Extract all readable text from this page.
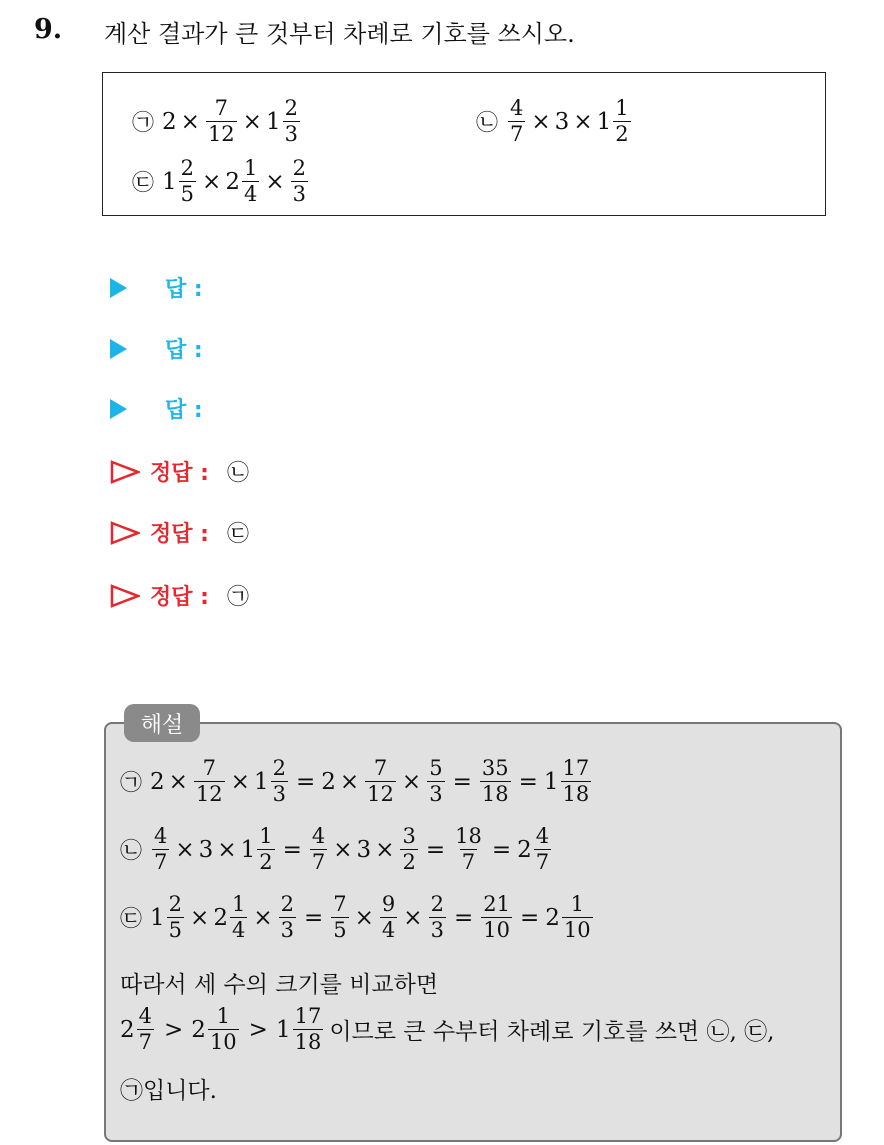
9. 계산 결과가 큰 것부터 차례로 기호를 쓰시오.
㉠ $2 \times \frac{7}{12} \times 1 \frac{2}{3}$	㉡ $\frac{4}{7} \times 3 \times 1 \frac{1}{2}$
㉢ $1 \frac{2}{5} \times 2 \frac{1}{4} \times \frac{2}{3}$
답 :
답 :
답 :
정답 : ㉡
정답 : ㉢
정답 : ㉠
해설
㉠ $2 \times \frac{7}{12} \times 1 \frac{2}{3} = 2 \times \frac{7}{12} \times \frac{5}{3} = \frac{35}{18} = 1 \frac{17}{18}$
㉡ $\frac{4}{7} \times 3 \times 1 \frac{1}{2} = \frac{4}{7} \times 3 \times \frac{3}{2} = \frac{18}{7} = 2 \frac{4}{7}$
㉢ $1 \frac{2}{5} \times 2 \frac{1}{4} \times \frac{2}{3} = \frac{7}{5} \times \frac{9}{4} \times \frac{2}{3} = \frac{21}{10} = 2 \frac{1}{10}$
따라서 세 수의 크기를 비교하면
$2 \frac{4}{7} > 2 \frac{1}{10} > 1 \frac{17}{18}$ 이므로 큰 수부터 차례로 기호를 쓰면 ㉡, ㉢,
㉠입니다.
